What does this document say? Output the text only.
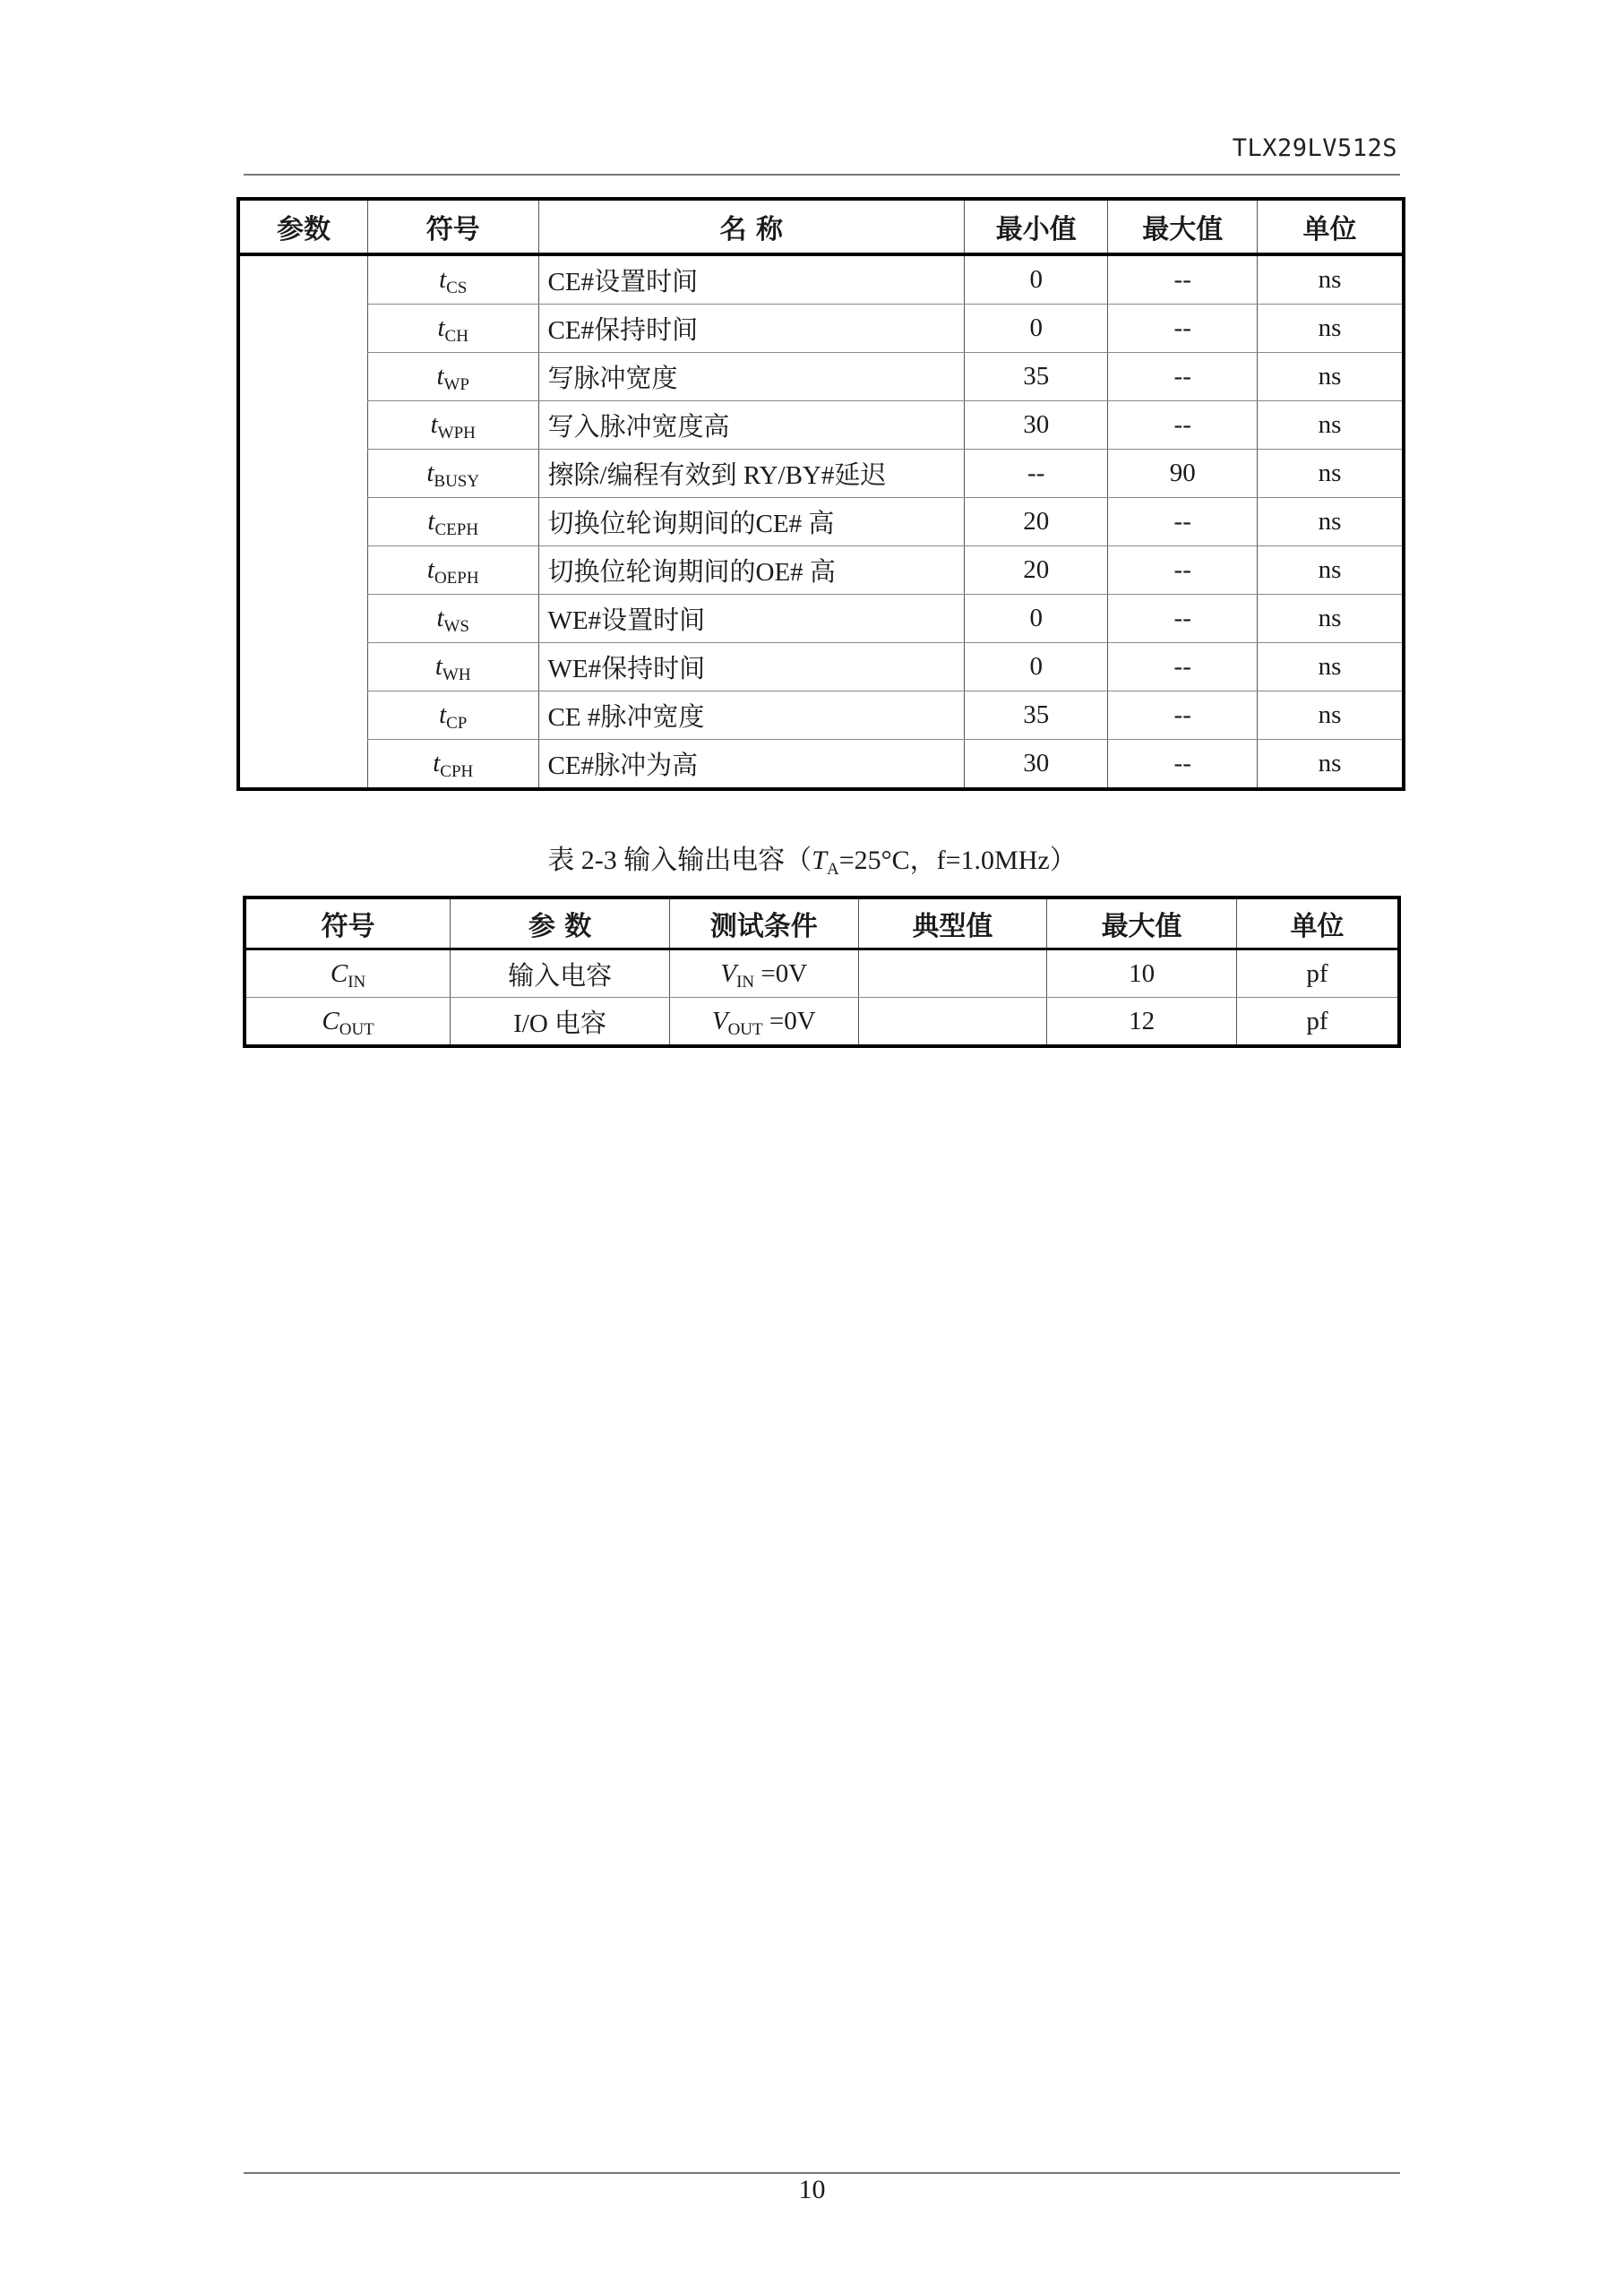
TLX29LV512S
参数	符号	名 称	最小值	最大值	单位
	$t_{CS}$	CE#设置时间	0	--	ns
	$t_{CH}$	CE#保持时间	0	--	ns
	$t_{WP}$	写脉冲宽度	35	--	ns
	$t_{WPH}$	写入脉冲宽度高	30	--	ns
	$t_{BUSY}$	擦除/编程有效到 RY/BY#延迟	--	90	ns
	$t_{CEPH}$	切换位轮询期间的CE# 高	20	--	ns
	$t_{OEPH}$	切换位轮询期间的OE# 高	20	--	ns
	$t_{WS}$	WE#设置时间	0	--	ns
	$t_{WH}$	WE#保持时间	0	--	ns
	$t_{CP}$	CE #脉冲宽度	35	--	ns
	$t_{CPH}$	CE#脉冲为高	30	--	ns
表 2-3 输入输出电容（$T_A=25^\circ C$，f=1.0MHz）
符号	参 数	测试条件	典型值	最大值	单位
$C_{IN}$	输入电容	$V_{IN} =0V$		10	pf
$C_{OUT}$	I/O 电容	$V_{OUT} =0V$		12	pf
10
